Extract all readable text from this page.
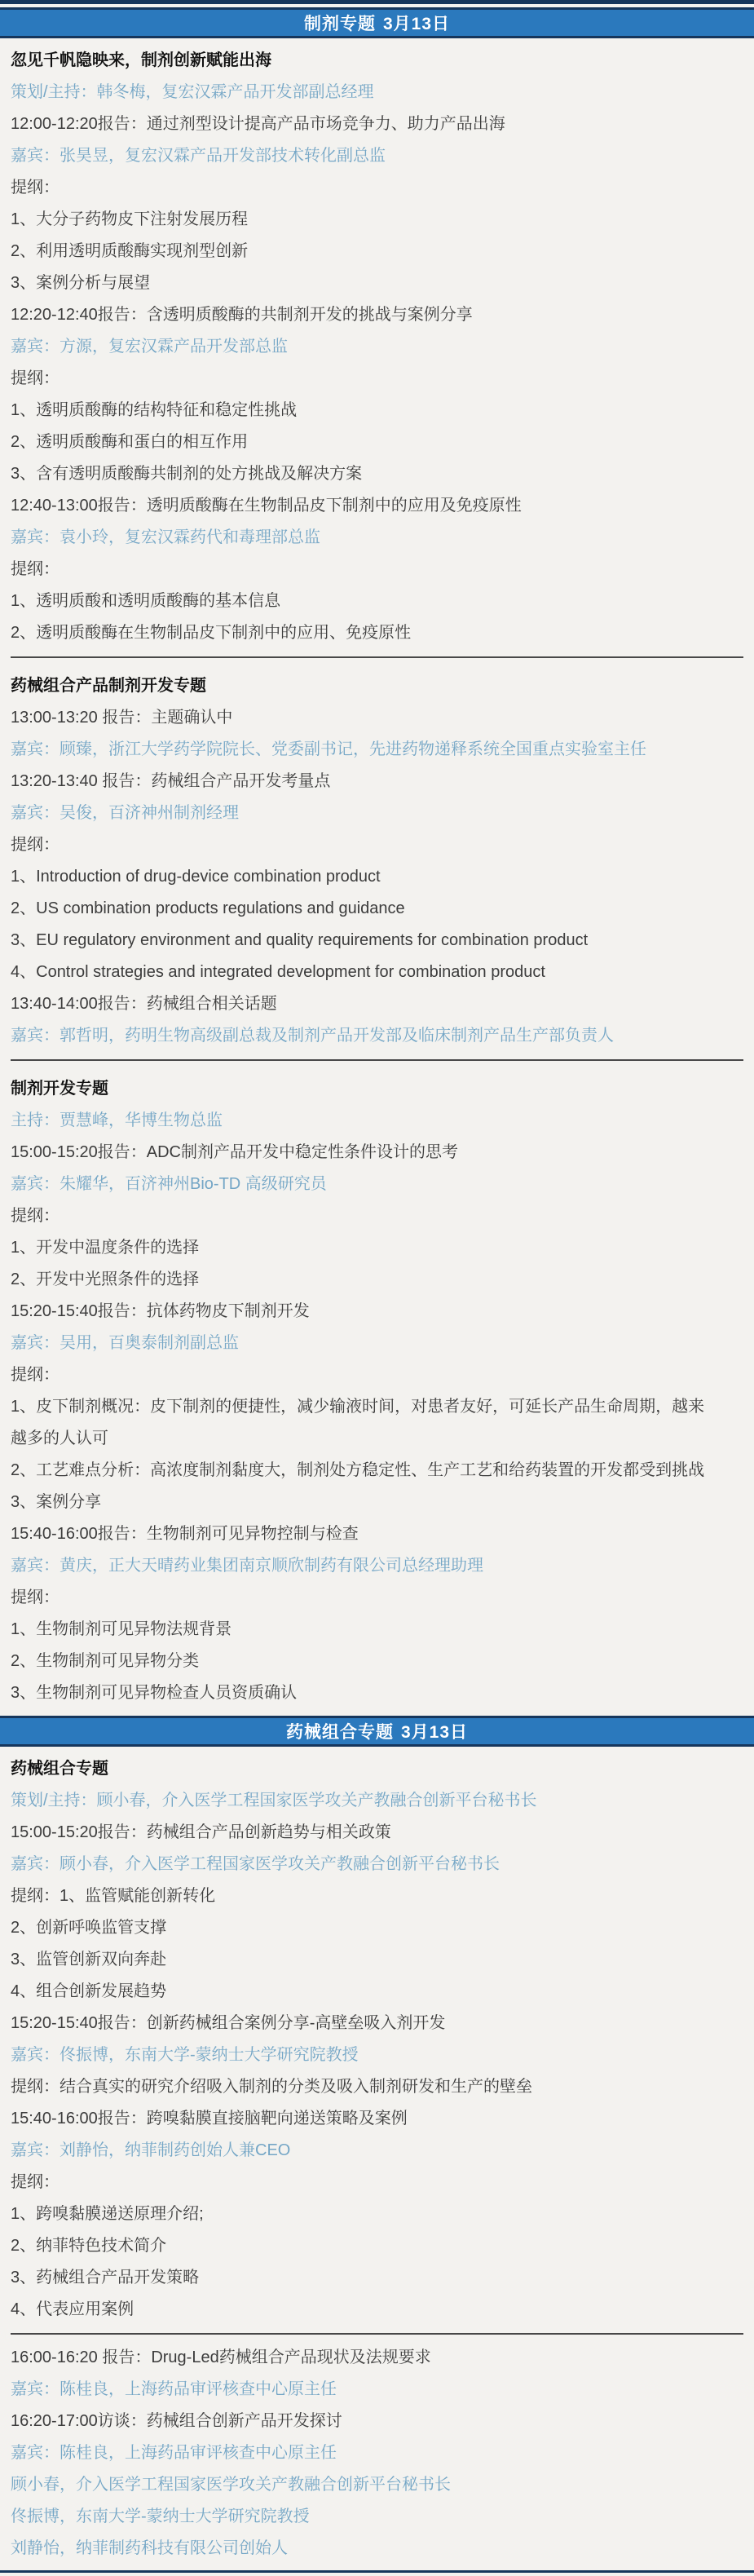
制剂专题 3月13日
忽见千帆隐映来，制剂创新赋能出海
策划/主持：韩冬梅，复宏汉霖产品开发部副总经理
12:00-12:20报告：通过剂型设计提高产品市场竞争力、助力产品出海
嘉宾：张昊昱，复宏汉霖产品开发部技术转化副总监
提纲：
1、大分子药物皮下注射发展历程
2、利用透明质酸酶实现剂型创新
3、案例分析与展望
12:20-12:40报告：含透明质酸酶的共制剂开发的挑战与案例分享
嘉宾：方源，复宏汉霖产品开发部总监
提纲：
1、透明质酸酶的结构特征和稳定性挑战
2、透明质酸酶和蛋白的相互作用
3、含有透明质酸酶共制剂的处方挑战及解决方案
12:40-13:00报告：透明质酸酶在生物制品皮下制剂中的应用及免疫原性
嘉宾：袁小玲，复宏汉霖药代和毒理部总监
提纲：
1、透明质酸和透明质酸酶的基本信息
2、透明质酸酶在生物制品皮下制剂中的应用、免疫原性
药械组合产品制剂开发专题
13:00-13:20 报告：主题确认中
嘉宾：顾臻，浙江大学药学院院长、党委副书记，先进药物递释系统全国重点实验室主任
13:20-13:40 报告：药械组合产品开发考量点
嘉宾：吴俊，百济神州制剂经理
提纲：
1、Introduction of drug-device combination product
2、US combination products regulations and guidance
3、EU regulatory environment and quality requirements for combination product
4、Control strategies and integrated development for combination product
13:40-14:00报告：药械组合相关话题
嘉宾：郭哲明，药明生物高级副总裁及制剂产品开发部及临床制剂产品生产部负责人
制剂开发专题
主持：贾慧峰，华博生物总监
15:00-15:20报告：ADC制剂产品开发中稳定性条件设计的思考
嘉宾：朱耀华，百济神州Bio-TD 高级研究员
提纲：
1、开发中温度条件的选择
2、开发中光照条件的选择
15:20-15:40报告：抗体药物皮下制剂开发
嘉宾：吴用，百奥泰制剂副总监
提纲：
1、皮下制剂概况：皮下制剂的便捷性，减少输液时间，对患者友好，可延长产品生命周期，越来越多的人认可
2、工艺难点分析：高浓度制剂黏度大，制剂处方稳定性、生产工艺和给药装置的开发都受到挑战
3、案例分享
15:40-16:00报告：生物制剂可见异物控制与检查
嘉宾：黄庆，正大天晴药业集团南京顺欣制药有限公司总经理助理
提纲：
1、生物制剂可见异物法规背景
2、生物制剂可见异物分类
3、生物制剂可见异物检查人员资质确认
药械组合专题 3月13日
药械组合专题
策划/主持：顾小春，介入医学工程国家医学攻关产教融合创新平台秘书长
15:00-15:20报告：药械组合产品创新趋势与相关政策
嘉宾：顾小春，介入医学工程国家医学攻关产教融合创新平台秘书长
提纲：1、监管赋能创新转化
2、创新呼唤监管支撑
3、监管创新双向奔赴
4、组合创新发展趋势
15:20-15:40报告：创新药械组合案例分享-高壁垒吸入剂开发
嘉宾：佟振博，东南大学-蒙纳士大学研究院教授
提纲：结合真实的研究介绍吸入制剂的分类及吸入制剂研发和生产的壁垒
15:40-16:00报告：跨嗅黏膜直接脑靶向递送策略及案例
嘉宾：刘静怡，纳菲制药创始人兼CEO
提纲：
1、跨嗅黏膜递送原理介绍;
2、纳菲特色技术简介
3、药械组合产品开发策略
4、代表应用案例
16:00-16:20 报告：Drug-Led药械组合产品现状及法规要求
嘉宾：陈桂良，上海药品审评核查中心原主任
16:20-17:00访谈：药械组合创新产品开发探讨
嘉宾：陈桂良，上海药品审评核查中心原主任
顾小春，介入医学工程国家医学攻关产教融合创新平台秘书长
佟振博，东南大学-蒙纳士大学研究院教授
刘静怡，纳菲制药科技有限公司创始人
